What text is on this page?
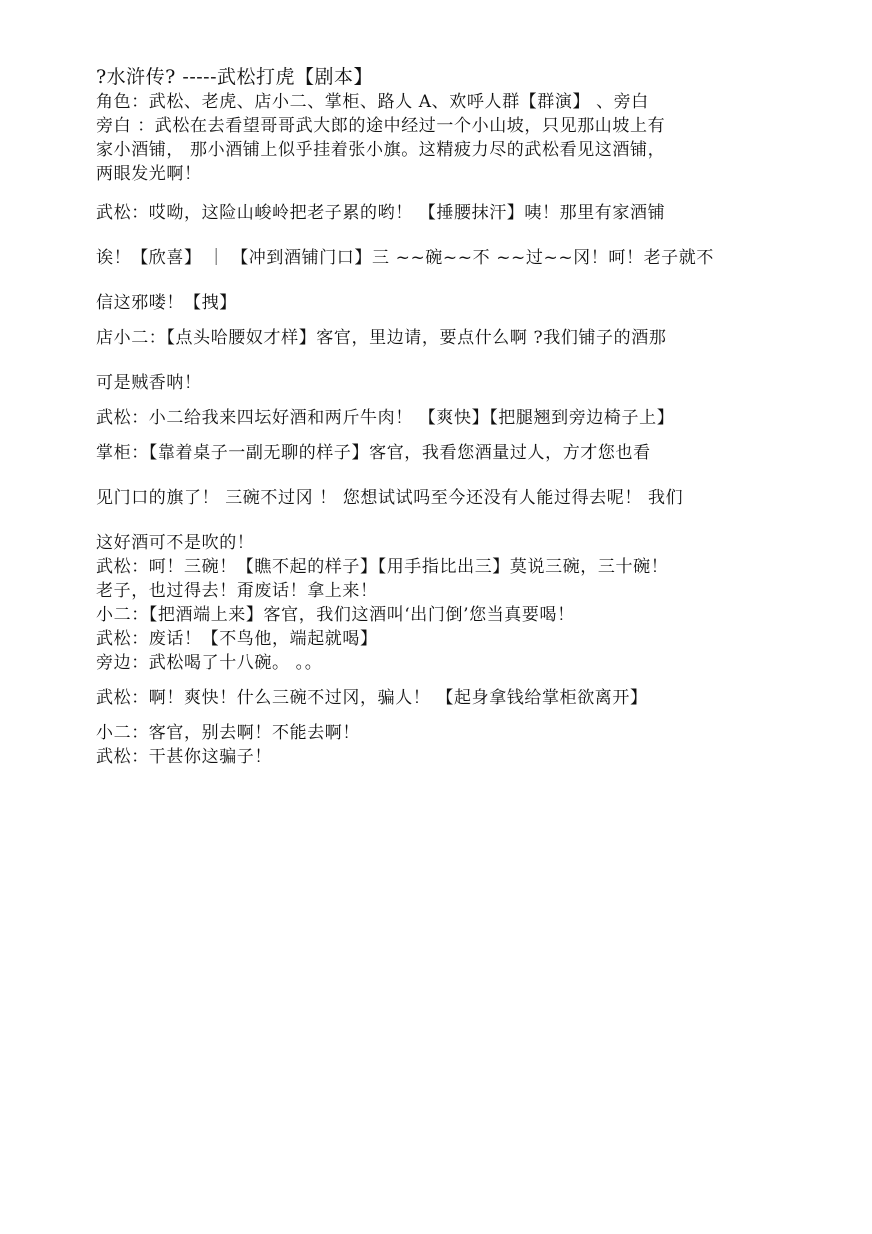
?水浒传? -----武松打虎【剧本】
角色：武松、老虎、店小二、掌柜、路人 A、欢呼人群【群演】 、旁白
旁白 ：武松在去看望哥哥武大郎的途中经过一个小山坡，只见那山坡上有
家小酒铺， 那小酒铺上似乎挂着张小旗。这精疲力尽的武松看见这酒铺，
两眼发光啊！
武松：哎呦，这险山峻岭把老子累的哟！ 【捶腰抹汗】咦！那里有家酒铺
诶！【欣喜】 ｜ 【冲到酒铺门口】三 ~~碗~~不 ~~过~~冈！呵！老子就不
信这邪喽！【拽】
店小二：【点头哈腰奴才样】客官，里边请，要点什么啊 ?我们铺子的酒那
可是贼香呐！
武松：小二给我来四坛好酒和两斤牛肉！ 【爽快】【把腿翘到旁边椅子上】
掌柜：【靠着桌子一副无聊的样子】客官，我看您酒量过人，方才您也看
见门口的旗了！ 三碗不过冈 ！ 您想试试吗至今还没有人能过得去呢！ 我们
这好酒可不是吹的！
武松：呵！三碗！【瞧不起的样子】【用手指比出三】莫说三碗，三十碗！
老子，也过得去！甭废话！拿上来！
小二：【把酒端上来】客官，我们这酒叫‘出门倒’您当真要喝！
武松：废话！【不鸟他，端起就喝】
旁边：武松喝了十八碗。 。。
武松：啊！爽快！什么三碗不过冈，骗人！ 【起身拿钱给掌柜欲离开】
小二：客官，别去啊！不能去啊！
武松：干甚你这骗子！
